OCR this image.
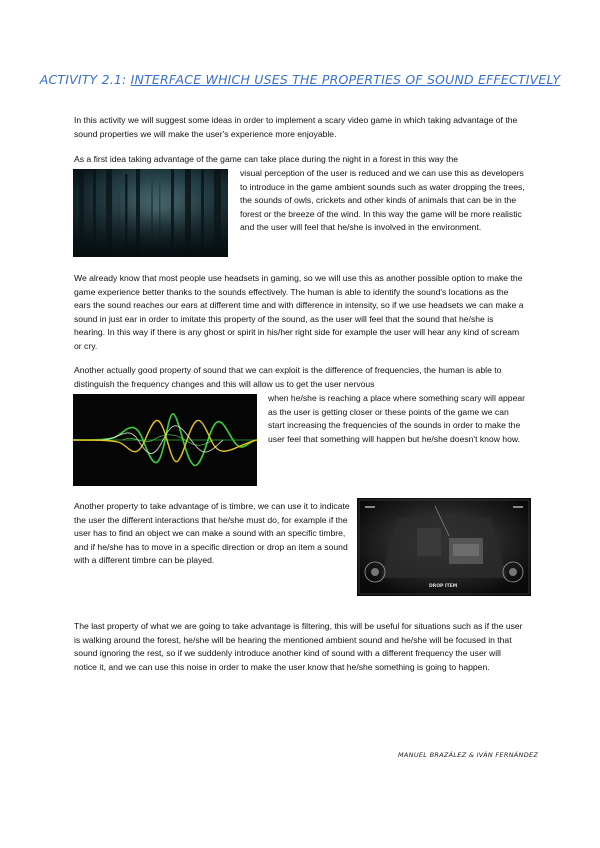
ACTIVITY 2.1: INTERFACE WHICH USES THE PROPERTIES OF SOUND EFFECTIVELY

In this activity we will suggest some ideas in order to implement a scary video game in which taking advantage of the sound properties we will make the user's experience more enjoyable.

As a first idea taking advantage of the game can take place during the night in a forest in this way the

visual perception of the user is reduced and we can use this as developers to introduce in the game ambient sounds such as water dropping the trees, the sounds of owls, crickets and other kinds of animals that can be in the forest or the breeze of the wind. In this way the game will be more realistic and the user will feel that he/she is involved in the environment.

We already know that most people use headsets in gaming, so we will use this as another possible option to make the game experience better thanks to the sounds effectively. The human is able to identify the sound's locations as the ears the sound reaches our ears at different time and with difference in intensity, so if we use headsets we can make a sound in just ear in order to imitate this property of the sound, as the user will feel that the sound that he/she is hearing. In this way if there is any ghost or spirit in his/her right side for example the user will hear any kind of scream or cry.

Another actually good property of sound that we can exploit is the difference of frequencies, the human is able to distinguish the frequency changes and this will allow us to get the user nervous

when he/she is reaching a place where something scary will appear as the user is getting closer or these points of the game we can start increasing the frequencies of the sounds in order to make the user feel that something will happen but he/she doesn't know how.

Another property to take advantage of is timbre, we can use it to indicate the user the different interactions that he/she must do, for example if the user has to find an object we can make a sound with an specific timbre, and if he/she has to move in a specific direction or drop an item a sound with a different timbre can be played.

DROP ITEM

The last property of what we are going to take advantage is filtering, this will be useful for situations such as if the user is walking around the forest, he/she will be hearing the mentioned ambient sound and he/she will be focused in that sound ignoring the rest, so if we suddenly introduce another kind of sound with a different frequency the user will notice it, and we can use this noise in order to make the user know that he/she something is going to happen.

MANUEL BRAZÁLEZ & IVÁN FERNÁNDEZ
